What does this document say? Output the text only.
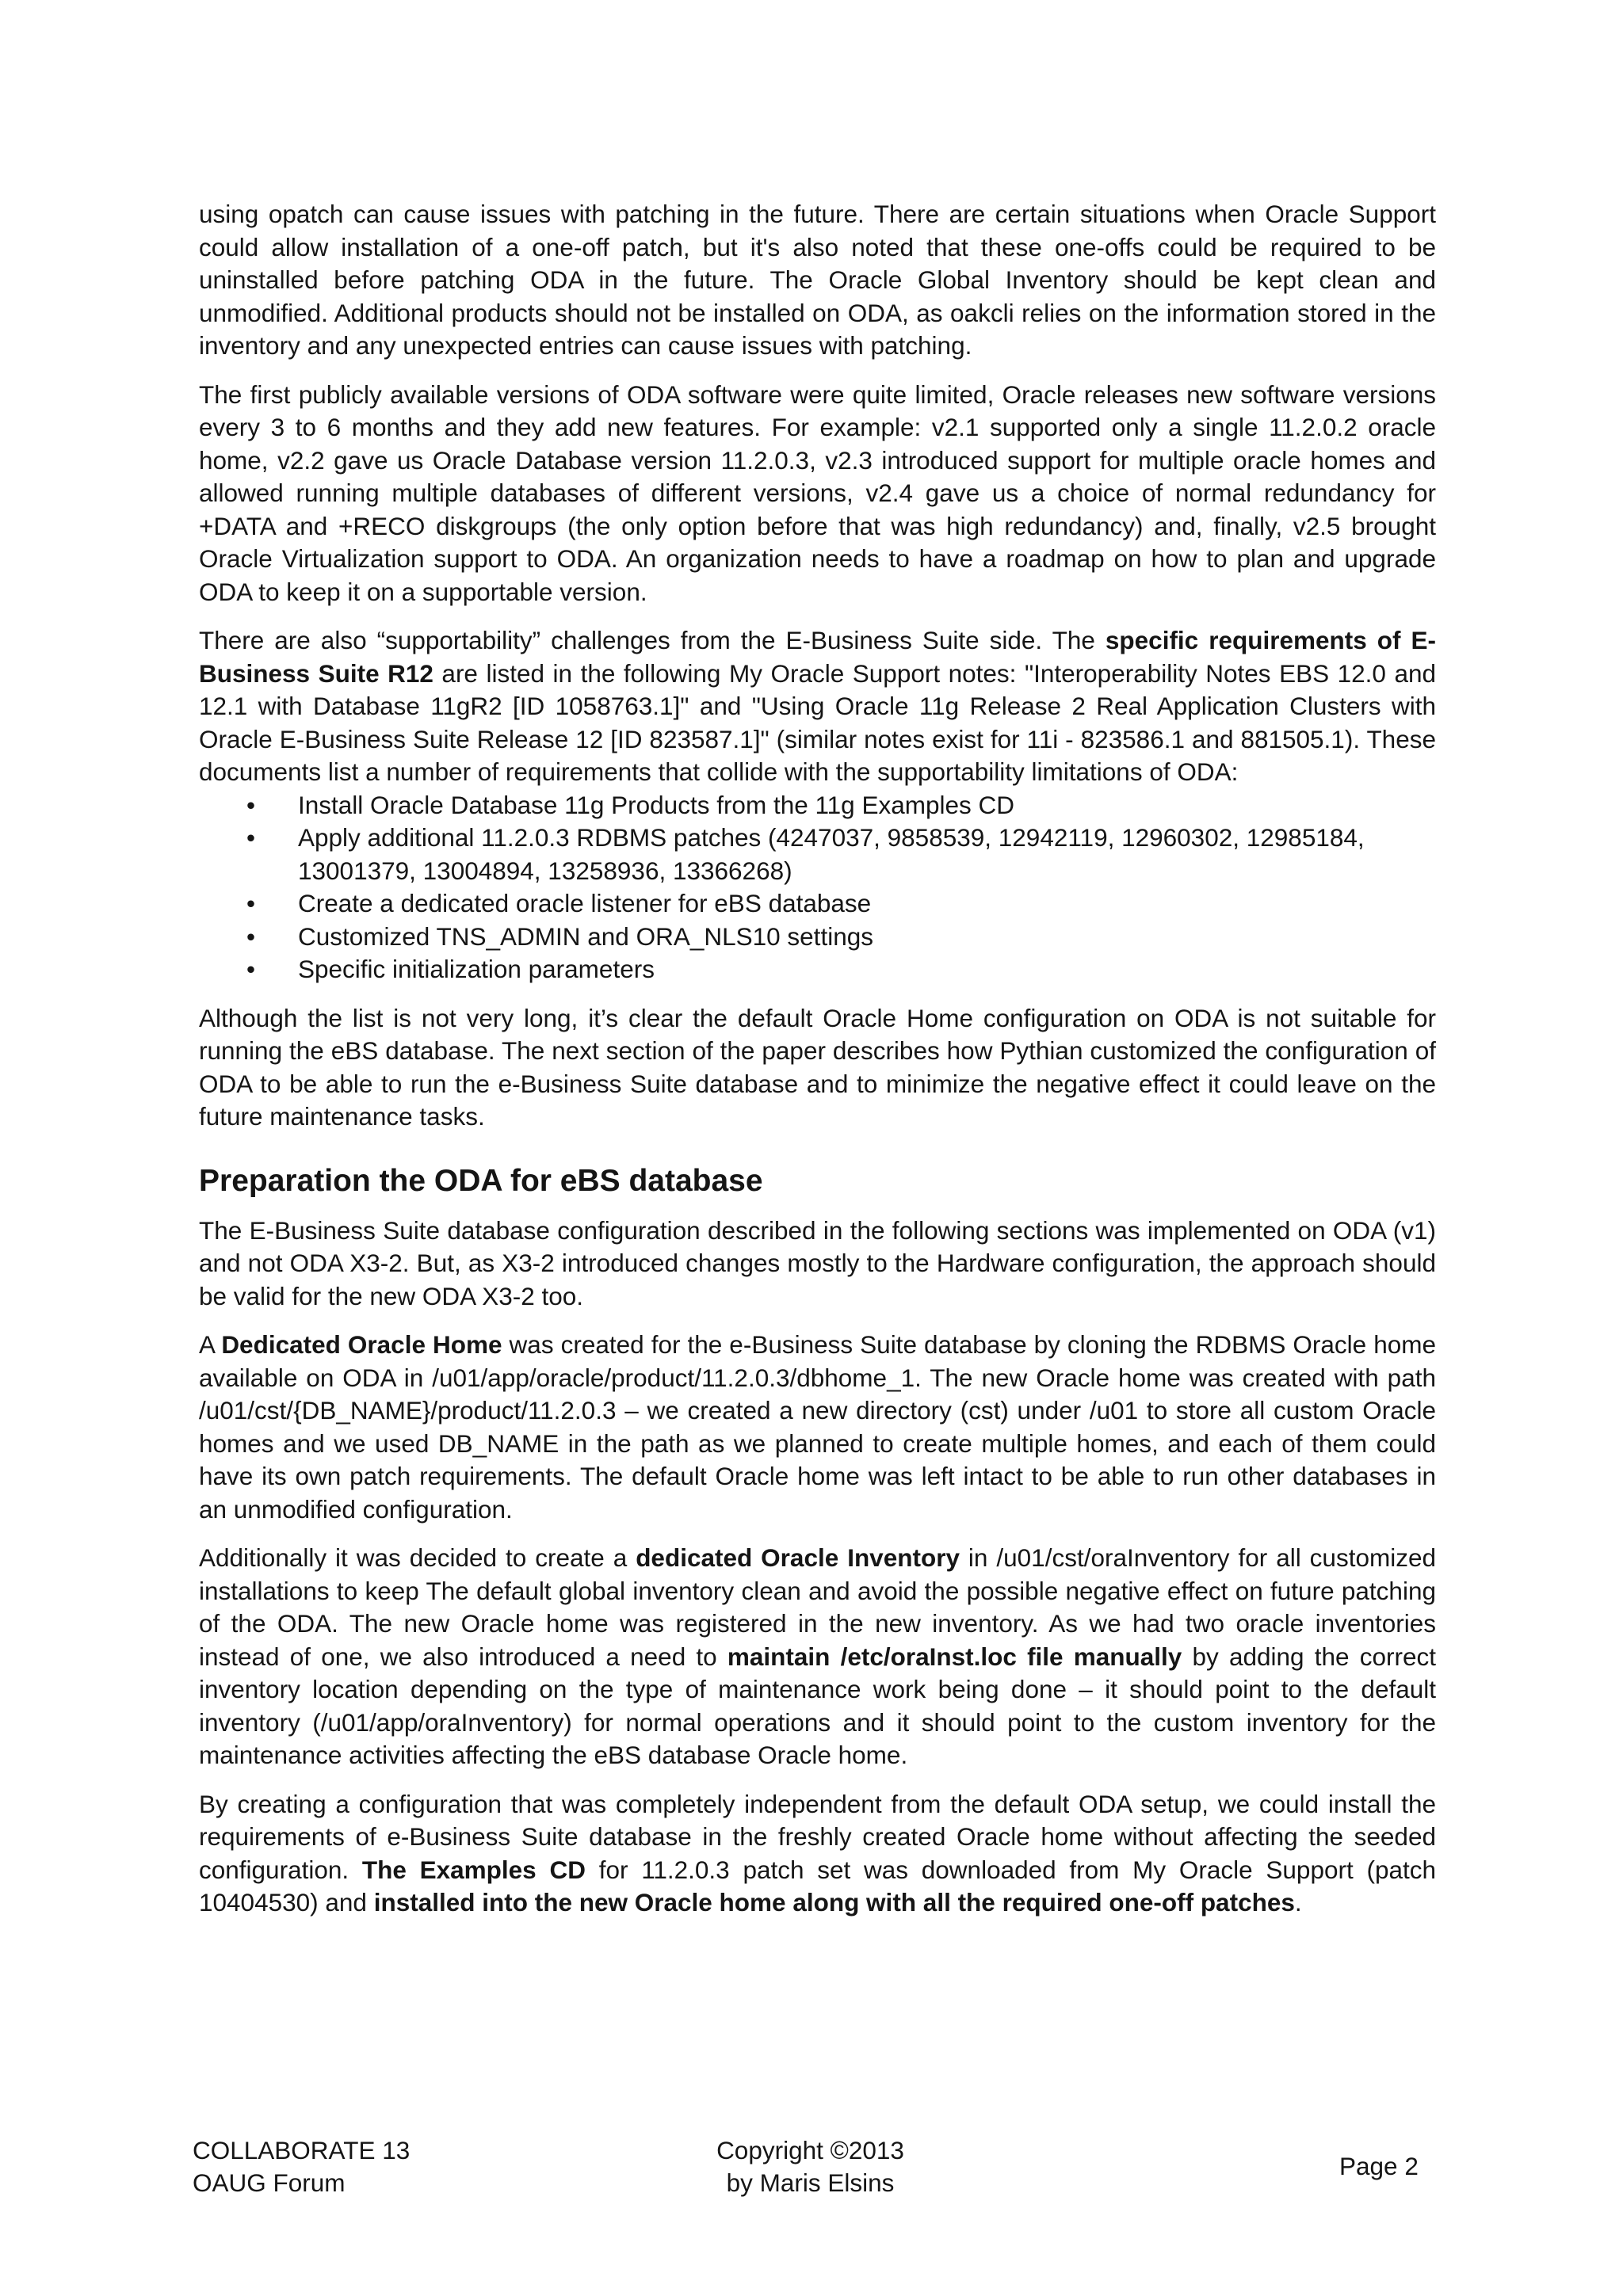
using opatch can cause issues with patching in the future. There are certain situations when Oracle Support could allow installation of a one-off patch, but it's also noted that these one-offs could be required to be uninstalled before patching ODA in the future. The Oracle Global Inventory should be kept clean and unmodified. Additional products should not be installed on ODA, as oakcli relies on the information stored in the inventory and any unexpected entries can cause issues with patching.

The first publicly available versions of ODA software were quite limited, Oracle releases new software versions every 3 to 6 months and they add new features. For example: v2.1 supported only a single 11.2.0.2 oracle home, v2.2 gave us Oracle Database version 11.2.0.3, v2.3 introduced support for multiple oracle homes and allowed running multiple databases of different versions, v2.4 gave us a choice of normal redundancy for +DATA and +RECO diskgroups (the only option before that was high redundancy) and, finally, v2.5 brought Oracle Virtualization support to ODA. An organization needs to have a roadmap on how to plan and upgrade ODA to keep it on a supportable version.

There are also “supportability” challenges from the E-Business Suite side. The specific requirements of E-Business Suite R12 are listed in the following My Oracle Support notes: "Interoperability Notes EBS 12.0 and 12.1 with Database 11gR2 [ID 1058763.1]" and "Using Oracle 11g Release 2 Real Application Clusters with Oracle E-Business Suite Release 12 [ID 823587.1]" (similar notes exist for 11i - 823586.1 and 881505.1). These documents list a number of requirements that collide with the supportability limitations of ODA:

• Install Oracle Database 11g Products from the 11g Examples CD
• Apply additional 11.2.0.3 RDBMS patches (4247037, 9858539, 12942119, 12960302, 12985184, 13001379, 13004894, 13258936, 13366268)
• Create a dedicated oracle listener for eBS database
• Customized TNS_ADMIN and ORA_NLS10 settings
• Specific initialization parameters

Although the list is not very long, it’s clear the default Oracle Home configuration on ODA is not suitable for running the eBS database. The next section of the paper describes how Pythian customized the configuration of ODA to be able to run the e-Business Suite database and to minimize the negative effect it could leave on the future maintenance tasks.

Preparation the ODA for eBS database

The E-Business Suite database configuration described in the following sections was implemented on ODA (v1) and not ODA X3-2. But, as X3-2 introduced changes mostly to the Hardware configuration, the approach should be valid for the new ODA X3-2 too.

A Dedicated Oracle Home was created for the e-Business Suite database by cloning the RDBMS Oracle home available on ODA in /u01/app/oracle/product/11.2.0.3/dbhome_1. The new Oracle home was created with path /u01/cst/{DB_NAME}/product/11.2.0.3 – we created a new directory (cst) under /u01 to store all custom Oracle homes and we used DB_NAME in the path as we planned to create multiple homes, and each of them could have its own patch requirements. The default Oracle home was left intact to be able to run other databases in an unmodified configuration.

Additionally it was decided to create a dedicated Oracle Inventory in /u01/cst/oraInventory for all customized installations to keep The default global inventory clean and avoid the possible negative effect on future patching of the ODA. The new Oracle home was registered in the new inventory. As we had two oracle inventories instead of one, we also introduced a need to maintain /etc/oraInst.loc file manually by adding the correct inventory location depending on the type of maintenance work being done – it should point to the default inventory (/u01/app/oraInventory) for normal operations and it should point to the custom inventory for the maintenance activities affecting the eBS database Oracle home.

By creating a configuration that was completely independent from the default ODA setup, we could install the requirements of e-Business Suite database in the freshly created Oracle home without affecting the seeded configuration. The Examples CD for 11.2.0.3 patch set was downloaded from My Oracle Support (patch 10404530) and installed into the new Oracle home along with all the required one-off patches.

COLLABORATE 13
OAUG Forum
Copyright ©2013
by Maris Elsins
Page 2
